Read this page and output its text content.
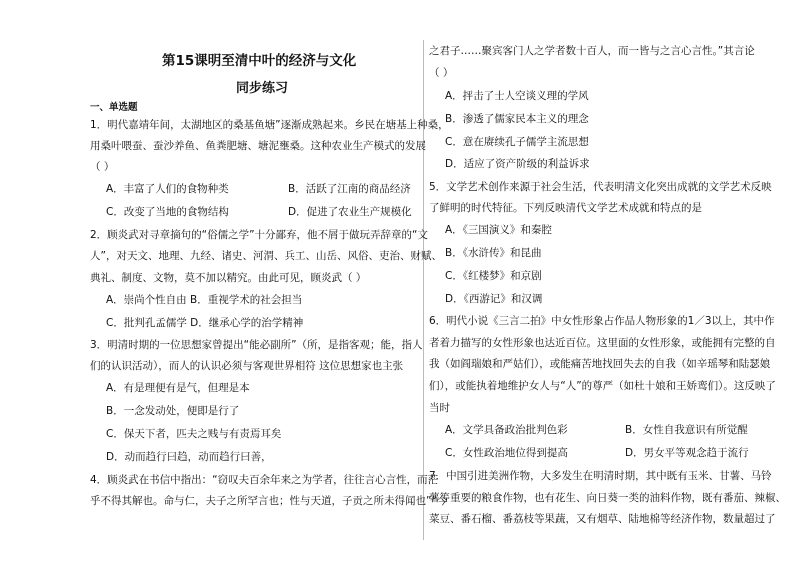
第15课明至清中叶的经济与文化
同步练习
一、单选题
1．明代嘉靖年间，太湖地区的桑基鱼塘”逐渐成熟起来。乡民在塘基上种桑，
用桑叶喂蚕、蚕沙养鱼、鱼粪肥塘、塘泥壅桑。这种农业生产模式的发展
（ ）
A．丰富了人们的食物种类	B．活跃了江南的商品经济
C．改变了当地的食物结构	D．促进了农业生产规模化
2．顾炎武对寻章摘句的“俗儒之学”十分鄙弃，他不屑于做玩弄辞章的“文
人”，对天文、地理、九经、诸史、河渭、兵工、山岳、风俗、吏治、财赋、
典礼、制度、文物，莫不加以精究。由此可见，顾炎武（ ）
A．崇尚个性自由 B．重视学术的社会担当
C．批判孔孟儒学 D．继承心学的治学精神
3．明清时期的一位思想家曾提出“能必副所”（所，是指客观；能，指人
们的认识活动），而人的认识必须与客观世界相符 这位思想家也主张
A．有是理便有是气，但理是本
B．一念发动处，便即是行了
C．保天下者，匹夫之贱与有责焉耳矣
D．动而趋行曰趋，动而趋行曰善，
4．顾炎武在书信中指出：“窃叹夫百余年来之为学者，往往言心言性，而茫
乎不得其解也。命与仁，夫子之所罕言也；性与天道，子贡之所未得闻也”“今
之君子……聚宾客门人之学者数十百人，而一皆与之言心言性。”其言论
（ ）
A．抨击了士人空谈义理的学风
B．渗透了儒家民本主义的理念
C．意在赓续孔子儒学主流思想
D．适应了资产阶级的利益诉求
5．文学艺术创作来源于社会生活，代表明清文化突出成就的文学艺术反映
了鲜明的时代特征。下列反映清代文学艺术成就和特点的是
A．《三国演义》和秦腔
B．《水浒传》和昆曲
C．《红楼梦》和京剧
D．《西游记》和汉调
6．明代小说《三言二拍》中女性形象占作品人物形象的1／3以上，其中作
者着力描写的女性形象也达近百位。这里面的女性形象，或能拥有完整的自
我（如阎瑞娘和严姑们），或能痛苦地找回失去的自我（如辛瑶琴和陆瑟娘
们），或能执着地维护女人与“人”的尊严（如杜十娘和王娇鸾们）。这反映了
当时
A．文学具备政治批判色彩	B．女性自我意识有所觉醒
C．女性政治地位得到提高	D．男女平等观念趋于流行
7．中国引进美洲作物，大多发生在明清时期，其中既有玉米、甘薯、马铃
薯等重要的粮食作物，也有花生、向日葵一类的油料作物，既有番茄、辣椒、
菜豆、番石榴、番荔枝等果蔬，又有烟草、陆地棉等经济作物，数量超过了
